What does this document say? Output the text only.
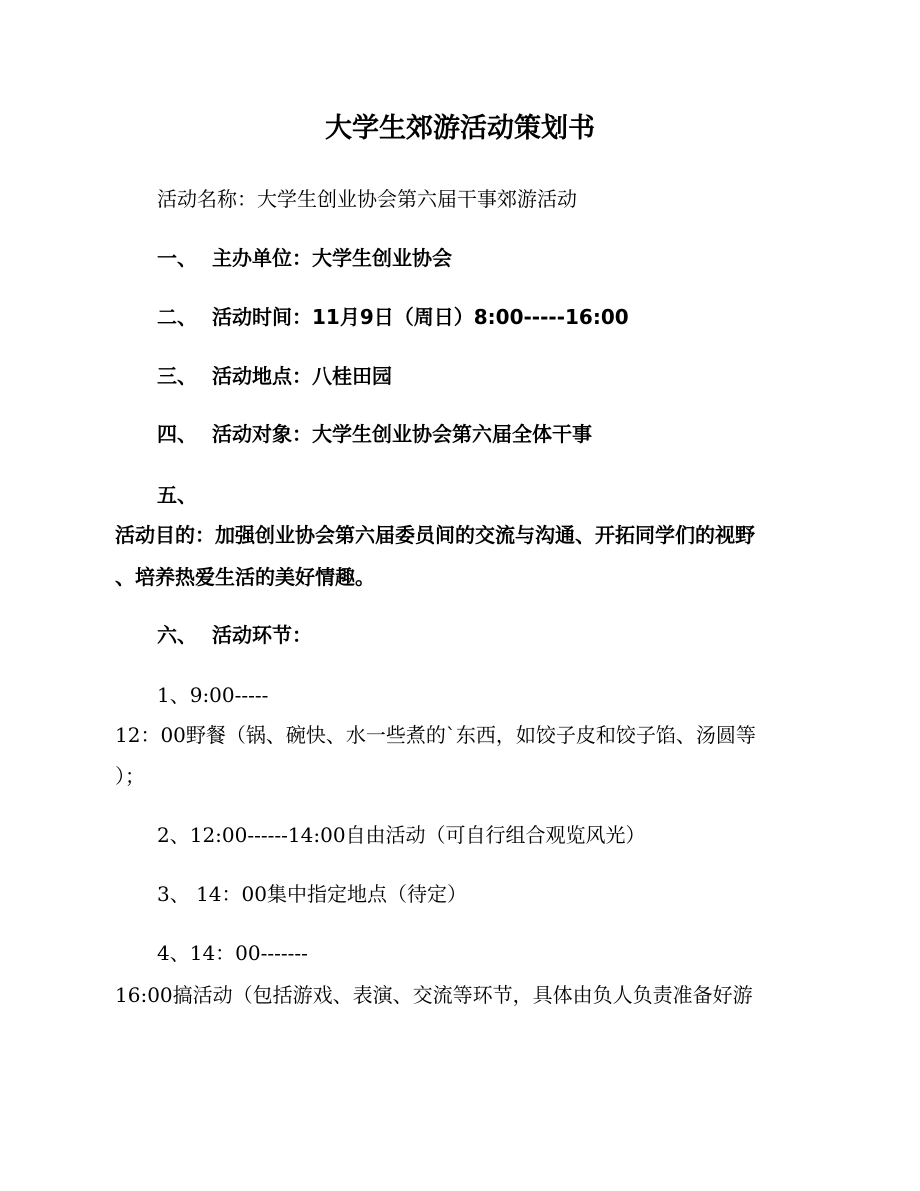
大学生郊游活动策划书

活动名称：大学生创业协会第六届干事郊游活动

一、 主办单位：大学生创业协会
二、 活动时间：11月9日（周日）8:00-----16:00
三、 活动地点：八桂田园
四、 活动对象：大学生创业协会第六届全体干事
五、

活动目的：加强创业协会第六届委员间的交流与沟通、开拓同学们的视野

、培养热爱生活的美好情趣。

六、 活动环节：

1、9:00-----

12：00野餐（锅、碗快、水一些煮的`东西，如饺子皮和饺子馅、汤圆等

）；

2、12:00------14:00自由活动（可自行组合观览风光）

3、 14：00集中指定地点（待定）

4、14：00-------

16:00搞活动（包括游戏、表演、交流等环节，具体由负人负责准备好游
